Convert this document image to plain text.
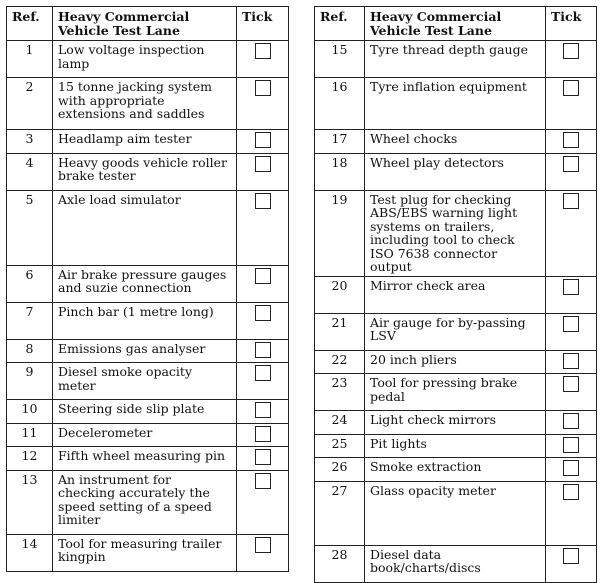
Ref.	Heavy Commercial Vehicle Test Lane	Tick
1	Low voltage inspection lamp	
2	15 tonne jacking system with appropriate extensions and saddles	
3	Headlamp aim tester	
4	Heavy goods vehicle roller brake tester	
5	Axle load simulator	
6	Air brake pressure gauges and suzie connection	
7	Pinch bar (1 metre long)	
8	Emissions gas analyser	
9	Diesel smoke opacity meter	
10	Steering side slip plate	
11	Decelerometer	
12	Fifth wheel measuring pin	
13	An instrument for checking accurately the speed setting of a speed limiter	
14	Tool for measuring trailer kingpin	
Ref.	Heavy Commercial Vehicle Test Lane	Tick
15	Tyre thread depth gauge	
16	Tyre inflation equipment	
17	Wheel chocks	
18	Wheel play detectors	
19	Test plug for checking ABS/EBS warning light systems on trailers, including tool to check ISO 7638 connector output	
20	Mirror check area	
21	Air gauge for by-passing LSV	
22	20 inch pliers	
23	Tool for pressing brake pedal	
24	Light check mirrors	
25	Pit lights	
26	Smoke extraction	
27	Glass opacity meter	
28	Diesel data book/charts/discs	
